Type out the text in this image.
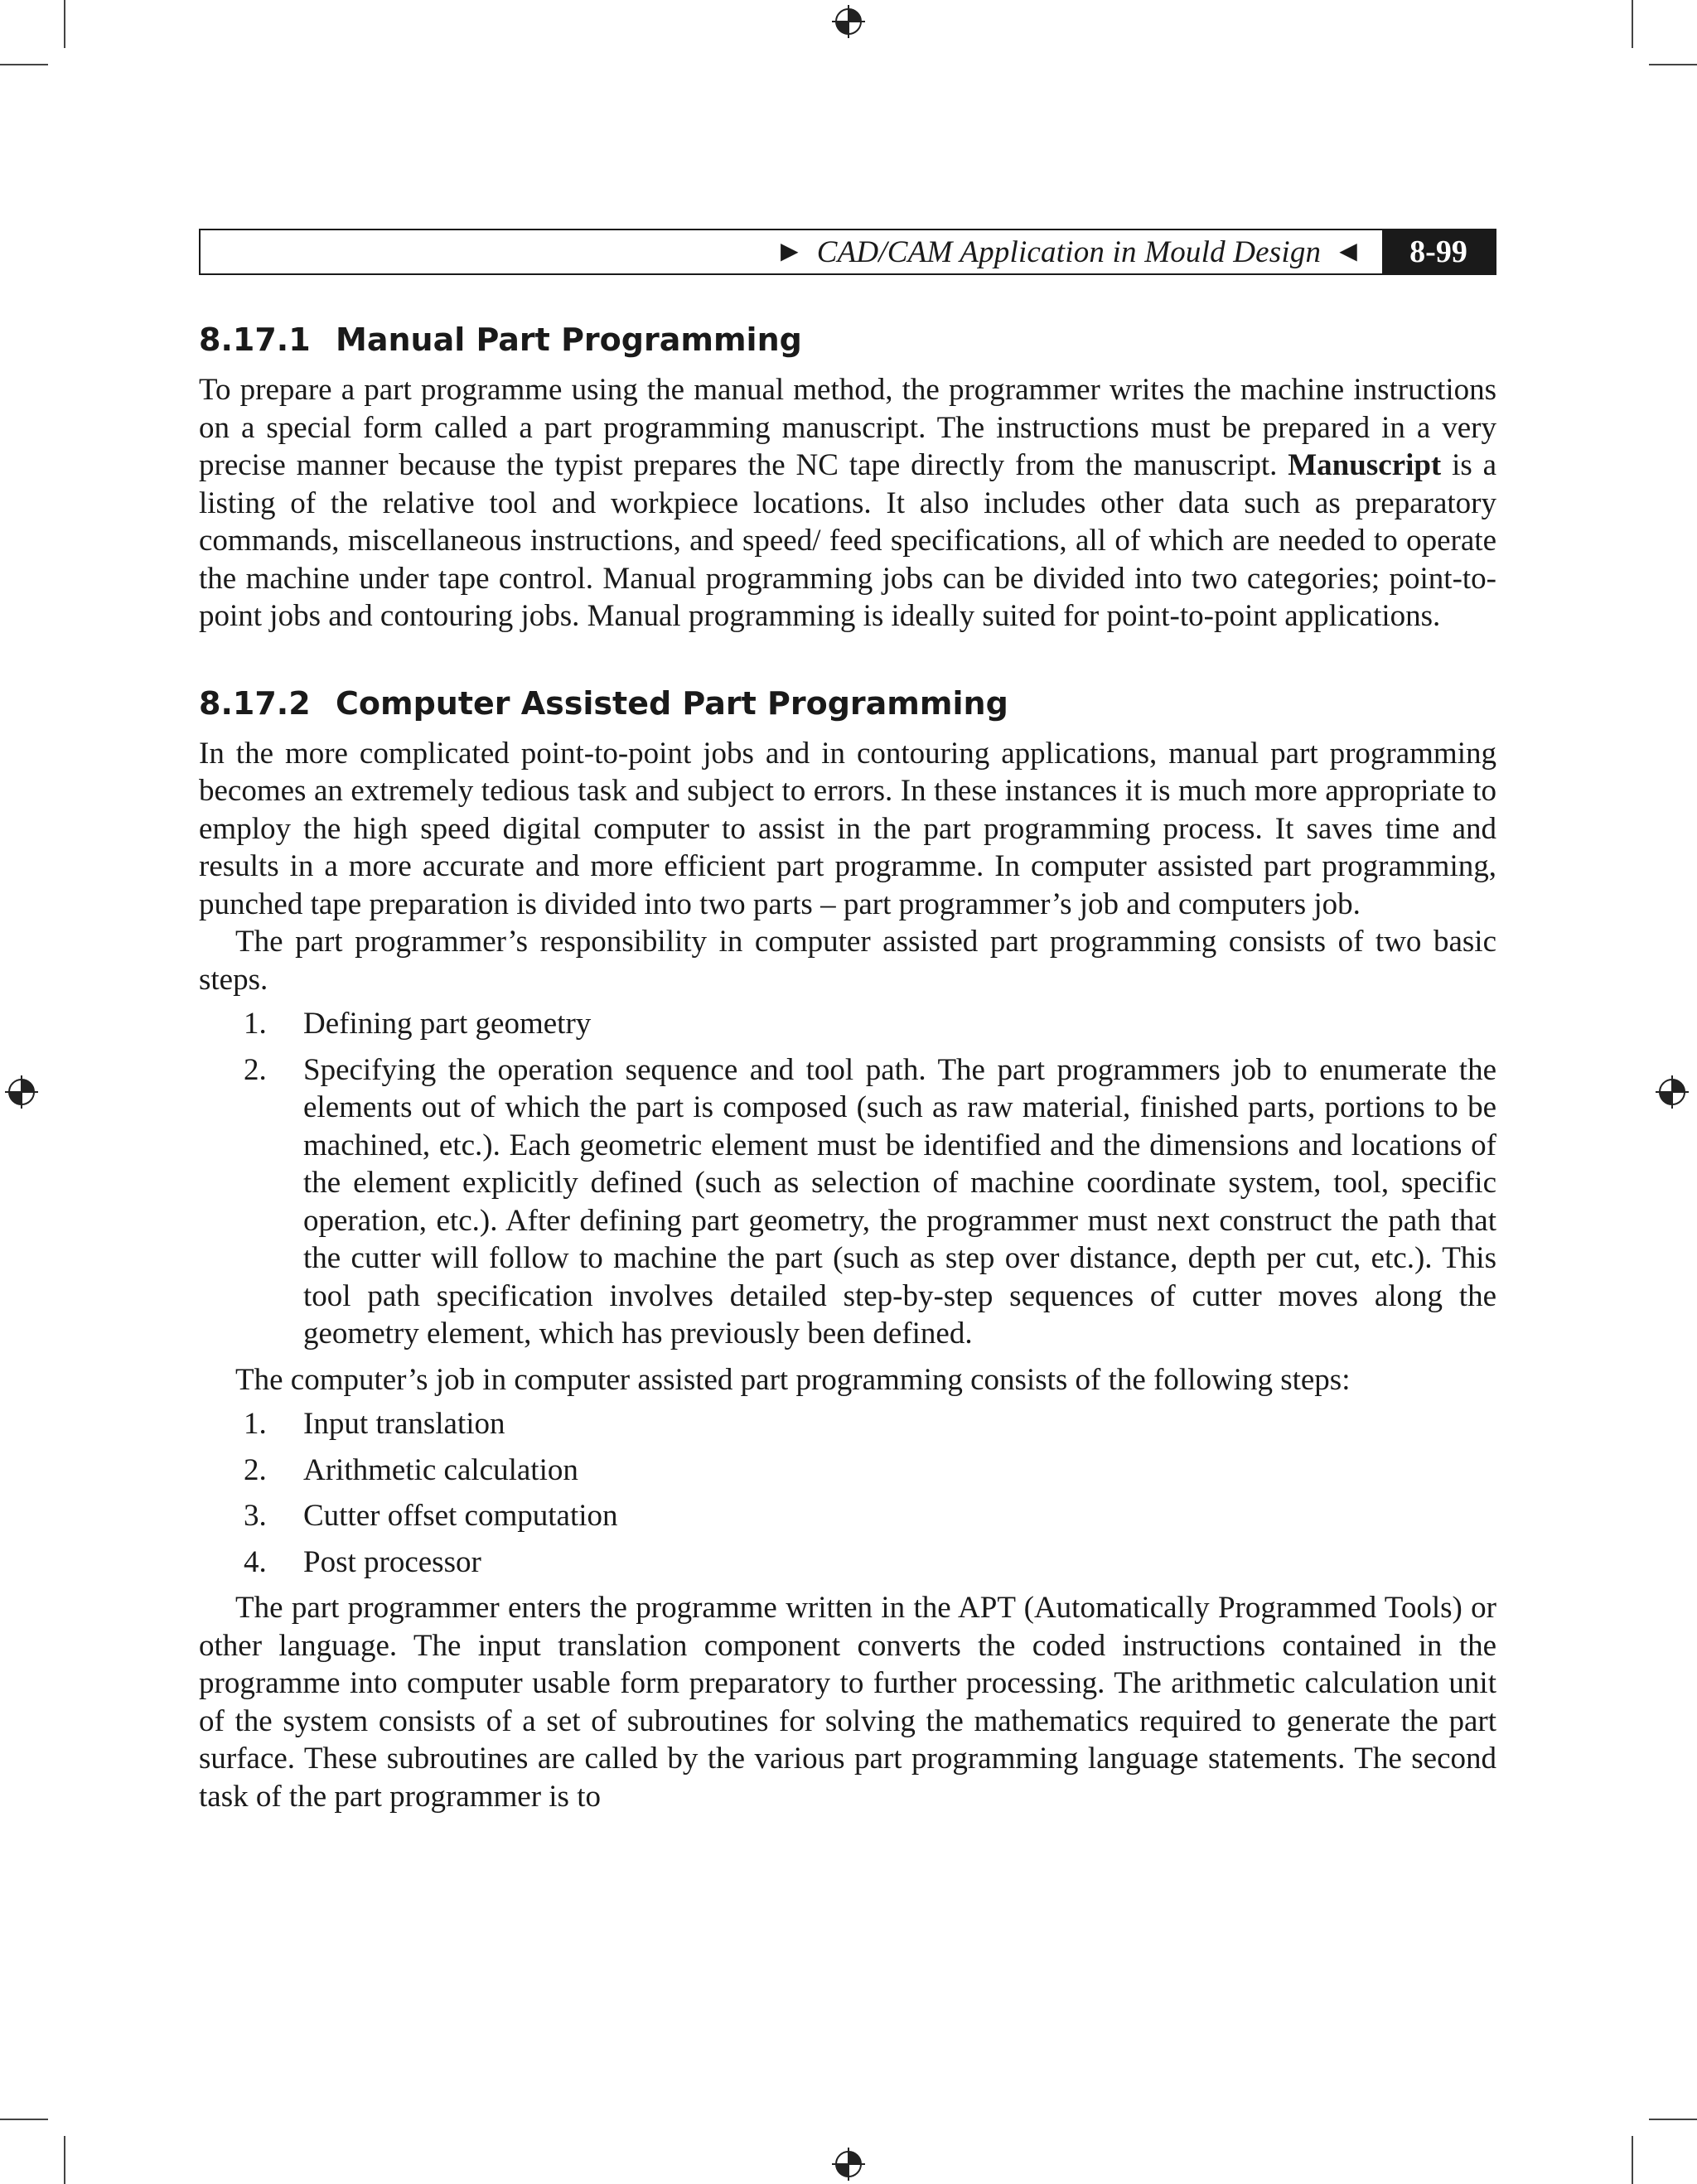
▶ CAD/CAM Application in Mould Design ◀	8-99
8.17.1 Manual Part Programming

To prepare a part programme using the manual method, the programmer writes the machine instructions on a special form called a part programming manuscript. The instructions must be prepared in a very precise manner because the typist prepares the NC tape directly from the manuscript. Manuscript is a listing of the relative tool and workpiece locations. It also includes other data such as preparatory commands, miscellaneous instructions, and speed/ feed specifications, all of which are needed to operate the machine under tape control. Manual programming jobs can be divided into two categories; point-to-point jobs and contouring jobs. Manual programming is ideally suited for point-to-point applications.

8.17.2 Computer Assisted Part Programming

In the more complicated point-to-point jobs and in contouring applications, manual part programming becomes an extremely tedious task and subject to errors. In these instances it is much more appropriate to employ the high speed digital computer to assist in the part programming process. It saves time and results in a more accurate and more efficient part programme. In computer assisted part programming, punched tape preparation is divided into two parts – part programmer’s job and computers job.

The part programmer’s responsibility in computer assisted part programming consists of two basic steps.

1. Defining part geometry
2. Specifying the operation sequence and tool path. The part programmers job to enumerate the elements out of which the part is composed (such as raw material, finished parts, portions to be machined, etc.). Each geometric element must be identified and the dimensions and locations of the element explicitly defined (such as selection of machine coordinate system, tool, specific operation, etc.). After defining part geometry, the programmer must next construct the path that the cutter will follow to machine the part (such as step over distance, depth per cut, etc.). This tool path specification involves detailed step-by-step sequences of cutter moves along the geometry element, which has previously been defined.

The computer’s job in computer assisted part programming consists of the following steps:

1. Input translation
2. Arithmetic calculation
3. Cutter offset computation
4. Post processor

The part programmer enters the programme written in the APT (Automatically Programmed Tools) or other language. The input translation component converts the coded instructions contained in the programme into computer usable form preparatory to further processing. The arithmetic calculation unit of the system consists of a set of subroutines for solving the mathematics required to generate the part surface. These subroutines are called by the various part programming language statements. The second task of the part programmer is to
